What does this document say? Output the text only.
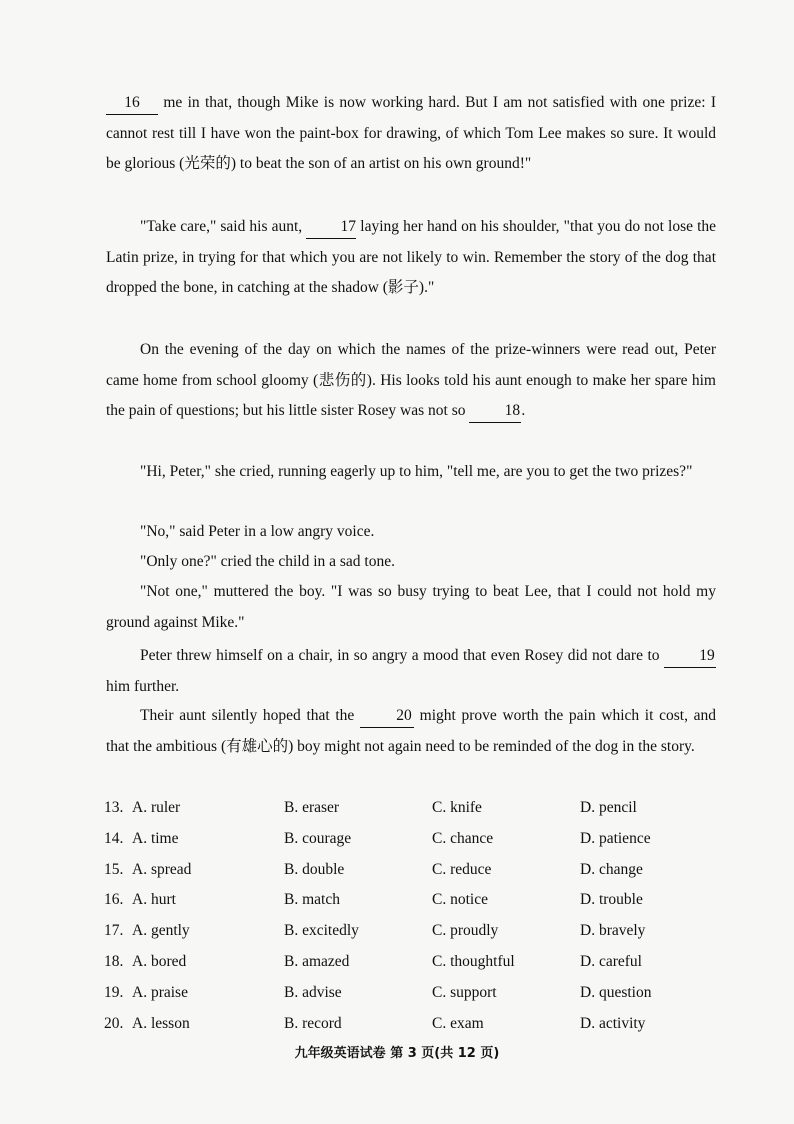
16 me in that, though Mike is now working hard. But I am not satisfied with one prize: I cannot rest till I have won the paint-box for drawing, of which Tom Lee makes so sure. It would be glorious (光荣的) to beat the son of an artist on his own ground!"

"Take care," said his aunt, 17 laying her hand on his shoulder, "that you do not lose the Latin prize, in trying for that which you are not likely to win. Remember the story of the dog that dropped the bone, in catching at the shadow (影子)."

On the evening of the day on which the names of the prize-winners were read out, Peter came home from school gloomy (悲伤的). His looks told his aunt enough to make her spare him the pain of questions; but his little sister Rosey was not so	18.

"Hi, Peter," she cried, running eagerly up to him, "tell me, are you to get the two prizes?"

"No," said Peter in a low angry voice.

"Only one?" cried the child in a sad tone.

"Not one," muttered the boy. "I was so busy trying to beat Lee, that I could not hold my ground against Mike."

Peter threw himself on a chair, in so angry a mood that even Rosey did not dare to	19 him further.

Their aunt silently hoped that the	20 might prove worth the pain which it cost, and that the ambitious (有雄心的) boy might not again need to be reminded of the dog in the story.

13. A. ruler	B. eraser	C. knife	D. pencil
14. A. time	B. courage	C. chance	D. patience
15. A. spread	B. double	C. reduce	D. change
16. A. hurt	B. match	C. notice	D. trouble
17. A. gently	B. excitedly	C. proudly	D. bravely
18. A. bored	B. amazed	C. thoughtful	D. careful
19. A. praise	B. advise	C. support	D. question
20. A. lesson	B. record	C. exam	D. activity
九年级英语试卷 第 3 页(共 12 页)
